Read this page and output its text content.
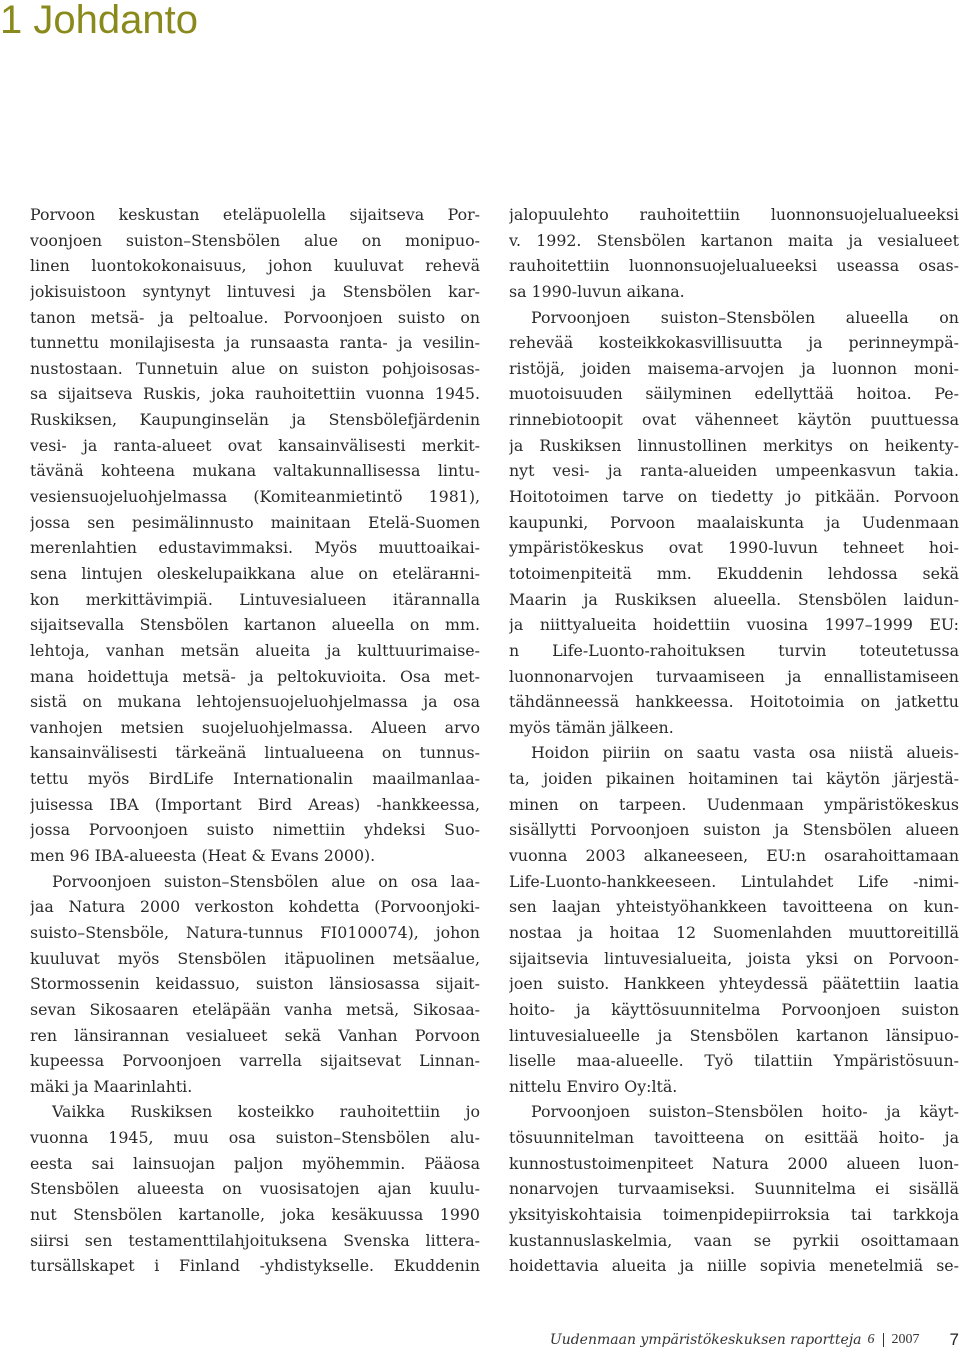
1 Johdanto
Porvoon keskustan eteläpuolella sijaitseva Por-
voonjoen suiston–Stensbölen alue on monipuo-
linen luontokokonaisuus, johon kuuluvat rehevä
jokisuistoon syntynyt lintuvesi ja Stensbölen kar-
tanon metsä- ja peltoalue. Porvoonjoen suisto on
tunnettu monilajisesta ja runsaasta ranta- ja vesilin-
nustostaan. Tunnetuin alue on suiston pohjoisosas-
sa sijaitseva Ruskis, joka rauhoitettiin vuonna 1945.
Ruskiksen, Kaupunginselän ja Stensbölefjärdenin
vesi- ja ranta-alueet ovat kansainvälisesti merkit-
tävänä kohteena mukana valtakunnallisessa lintu-
vesiensuojeluohjelmassa (Komiteanmietintö 1981),
jossa sen pesimälinnusto mainitaan Etelä-Suomen
merenlahtien edustavimmaksi. Myös muuttoaikai-
sena lintujen oleskelupaikkana alue on etelärанni-
kon merkittävimpiä. Lintuvesialueen itärannalla
sijaitsevalla Stensbölen kartanon alueella on mm.
lehtoja, vanhan metsän alueita ja kulttuurimaise-
mana hoidettuja metsä- ja peltokuvioita. Osa met-
sistä on mukana lehtojensuojeluohjelmassa ja osa
vanhojen metsien suojeluohjelmassa. Alueen arvo
kansainvälisesti tärkeänä lintualueena on tunnus-
tettu myös BirdLife Internationalin maailmanlaa-
juisessa IBA (Important Bird Areas) -hankkeessa,
jossa Porvoonjoen suisto nimettiin yhdeksi Suo-
men 96 IBA-alueesta (Heat & Evans 2000).
Porvoonjoen suiston–Stensbölen alue on osa laa-
jaa Natura 2000 verkoston kohdetta (Porvoonjoki-
suisto–Stensböle, Natura-tunnus FI0100074), johon
kuuluvat myös Stensbölen itäpuolinen metsäalue,
Stormossenin keidassuo, suiston länsiosassa sijait-
sevan Sikosaaren eteläpään vanha metsä, Sikosaa-
ren länsirannan vesialueet sekä Vanhan Porvoon
kupeessa Porvoonjoen varrella sijaitsevat Linnan-
mäki ja Maarinlahti.
Vaikka Ruskiksen kosteikko rauhoitettiin jo
vuonna 1945, muu osa suiston–Stensbölen alu-
eesta sai lainsuojan paljon myöhemmin. Pääosa
Stensbölen alueesta on vuosisatojen ajan kuulu-
nut Stensbölen kartanolle, joka kesäkuussa 1990
siirsi sen testamenttilahjoituksena Svenska littera-
tursällskapet i Finland -yhdistykselle. Ekuddenin
jalopuulehto rauhoitettiin luonnonsuojelualueeksi
v. 1992. Stensbölen kartanon maita ja vesialueet
rauhoitettiin luonnonsuojelualueeksi useassa osas-
sa 1990-luvun aikana.
Porvoonjoen suiston–Stensbölen alueella on
rehevää kosteikkokasvillisuutta ja perinneympä-
ristöjä, joiden maisema-arvojen ja luonnon moni-
muotoisuuden säilyminen edellyttää hoitoa. Pe-
rinnebiotoopit ovat vähenneet käytön puuttuessa
ja Ruskiksen linnustollinen merkitys on heikenty-
nyt vesi- ja ranta-alueiden umpeenkasvun takia.
Hoitotoimen tarve on tiedetty jo pitkään. Porvoon
kaupunki, Porvoon maalaiskunta ja Uudenmaan
ympäristökeskus ovat 1990-luvun tehneet hoi-
totoimenpiteitä mm. Ekuddenin lehdossa sekä
Maarin ja Ruskiksen alueella. Stensbölen laidun-
ja niittyalueita hoidettiin vuosina 1997–1999 EU:
n Life-Luonto-rahoituksen turvin toteutetussa
luonnonarvojen turvaamiseen ja ennallistamiseen
tähdänneessä hankkeessa. Hoitotoimia on jatkettu
myös tämän jälkeen.
Hoidon piiriin on saatu vasta osa niistä alueis-
ta, joiden pikainen hoitaminen tai käytön järjestä-
minen on tarpeen. Uudenmaan ympäristökeskus
sisällytti Porvoonjoen suiston ja Stensbölen alueen
vuonna 2003 alkaneeseen, EU:n osarahoittamaan
Life-Luonto-hankkeeseen. Lintulahdet Life -nimi-
sen laajan yhteistyöhankkeen tavoitteena on kun-
nostaa ja hoitaa 12 Suomenlahden muuttoreitillä
sijaitsevia lintuvesialueita, joista yksi on Porvoon-
joen suisto. Hankkeen yhteydessä päätettiin laatia
hoito- ja käyttösuunnitelma Porvoonjoen suiston
lintuvesialueelle ja Stensbölen kartanon länsipuo-
liselle maa-alueelle. Työ tilattiin Ympäristösuun-
nittelu Enviro Oy:ltä.
Porvoonjoen suiston–Stensbölen hoito- ja käyt-
tösuunnitelman tavoitteena on esittää hoito- ja
kunnostustoimenpiteet Natura 2000 alueen luon-
nonarvojen turvaamiseksi. Suunnitelma ei sisällä
yksityiskohtaisia toimenpidepiirroksia tai tarkkoja
kustannuslaskelmia, vaan se pyrkii osoittamaan
hoidettavia alueita ja niille sopivia menetelmiä se-
Uudenmaan ympäristökeskuksen raportteja 6 2007 7
